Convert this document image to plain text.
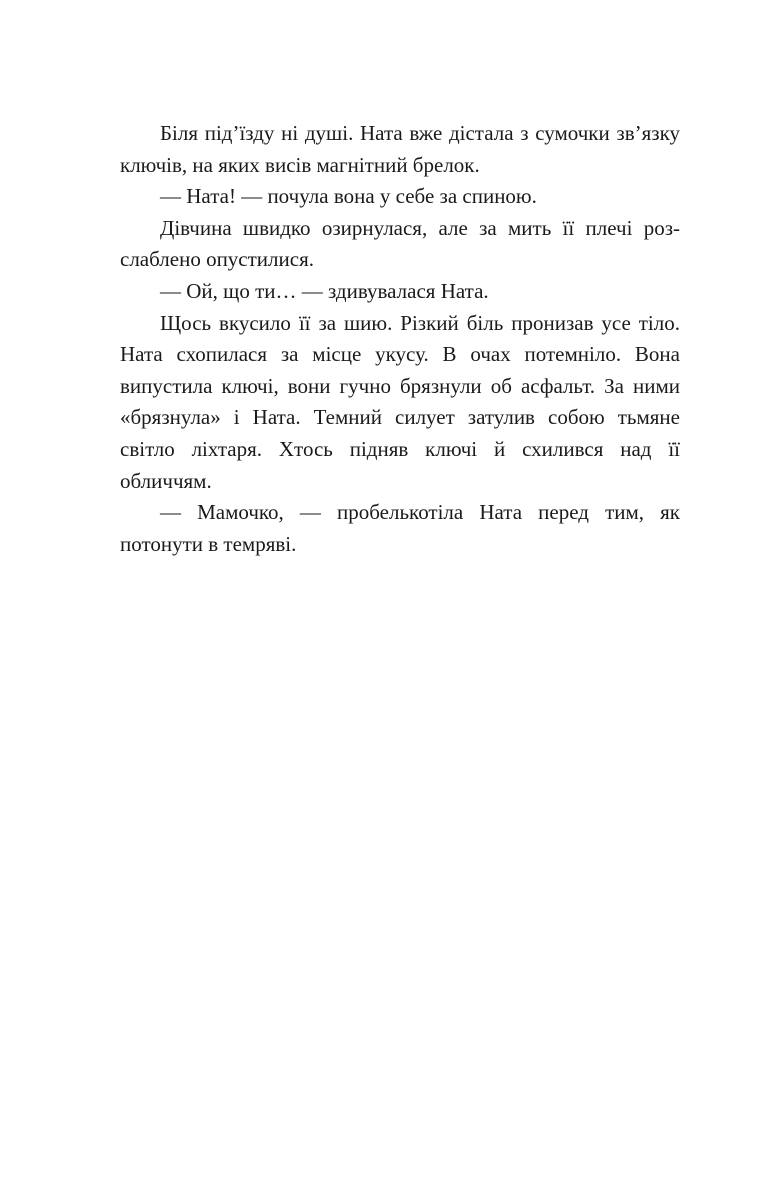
Біля під’їзду ні душі. Ната вже дістала з сумочки зв’язку ключів, на яких висів магнітний брелок.

— Ната! — почула вона у себе за спиною.

Дівчина швидко озирнулася, але за мить її плечі розслаблено опустилися.

— Ой, що ти… — здивувалася Ната.

Щось вкусило її за шию. Різкий біль пронизав усе тіло. Ната схопилася за місце укусу. В очах потемніло. Вона випустила ключі, вони гучно брязнули об асфальт. За ними «брязнула» і Ната. Темний силует затулив собою тьмяне світло ліхтаря. Хтось підняв ключі й схилився над її обличчям.

— Мамочко, — пробелькотіла Ната перед тим, як потонути в темряві.
